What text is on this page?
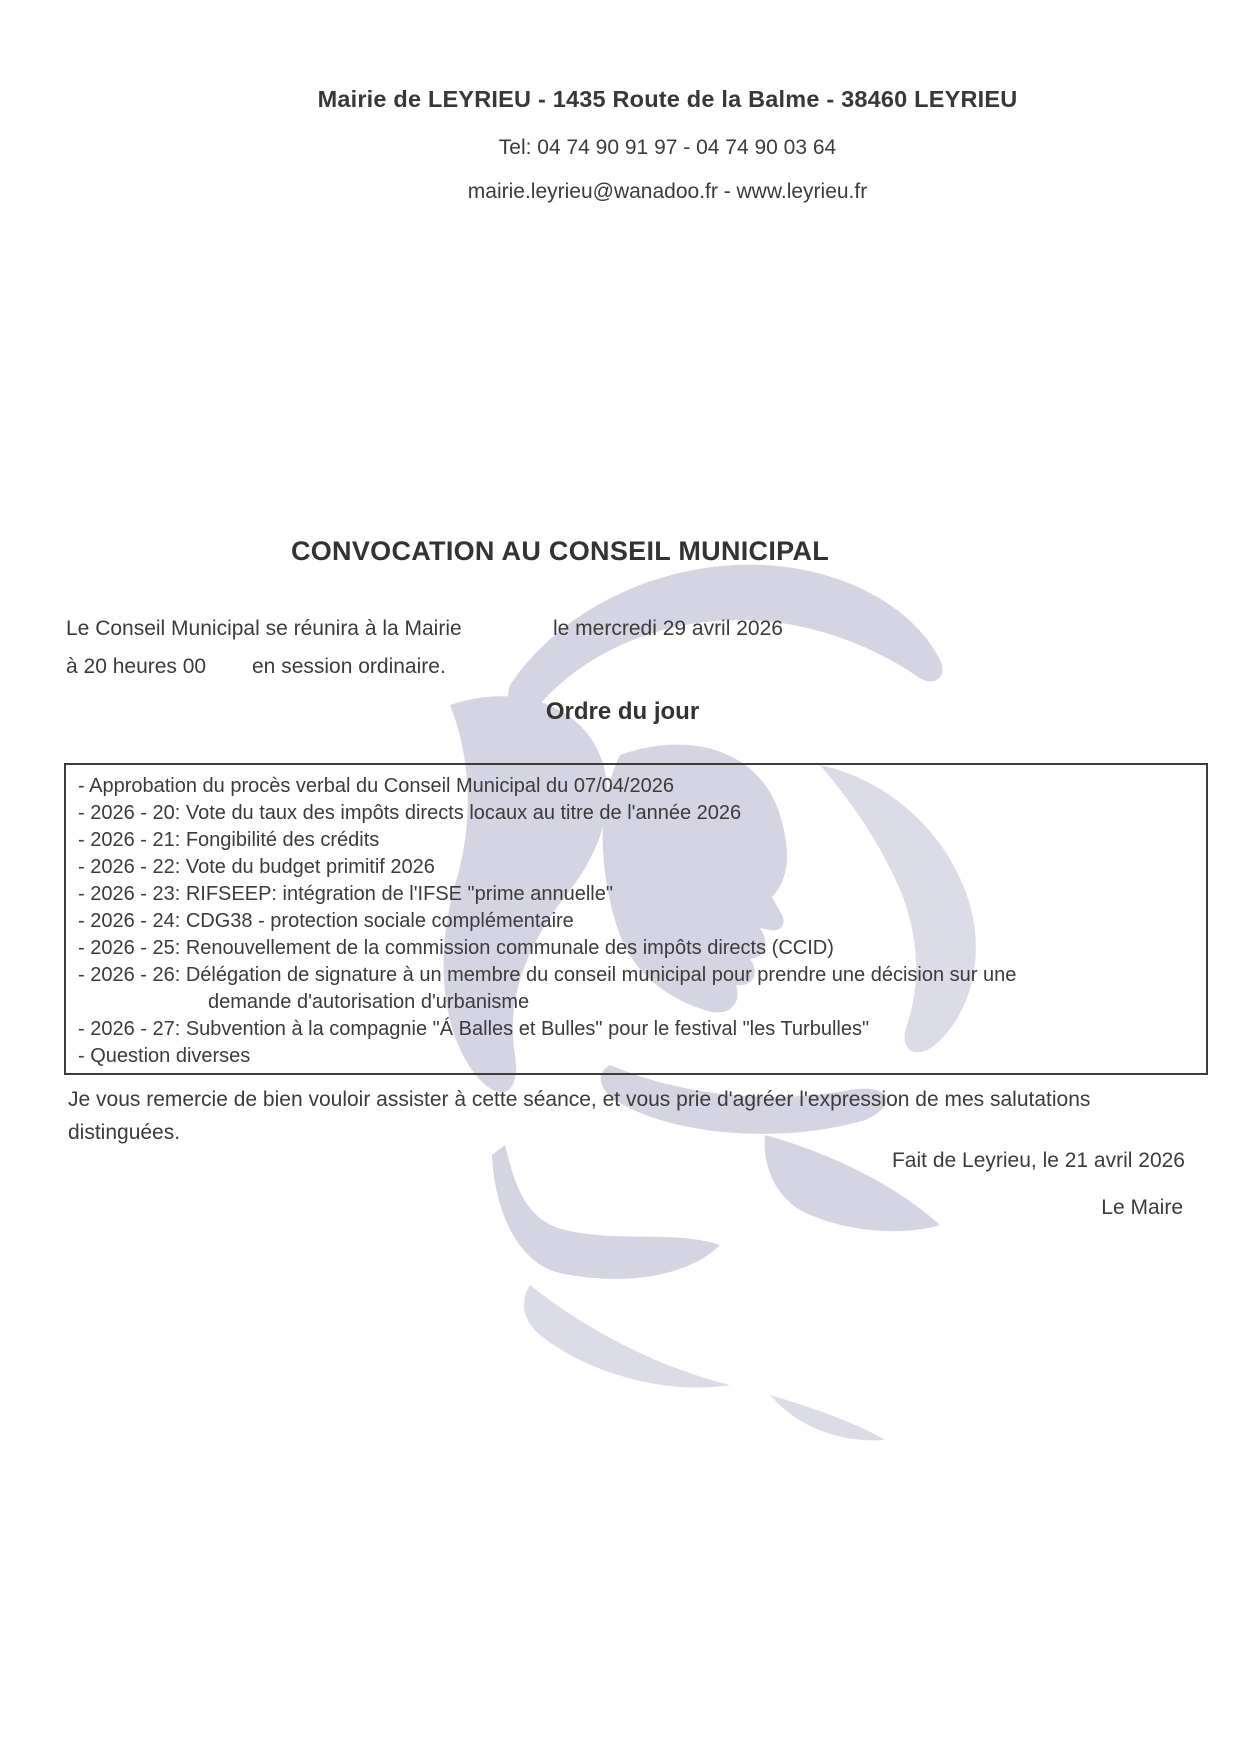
Mairie de LEYRIEU - 1435 Route de la Balme - 38460 LEYRIEU
Tel: 04 74 90 91 97 - 04 74 90 03 64
mairie.leyrieu@wanadoo.fr - www.leyrieu.fr
CONVOCATION AU CONSEIL MUNICIPAL
Le Conseil Municipal se réunira à la Mairie	le mercredi 29 avril 2026
à 20 heures 00 en session ordinaire.
Ordre du jour
- Approbation du procès verbal du Conseil Municipal du 07/04/2026
- 2026 - 20: Vote du taux des impôts directs locaux au titre de l'année 2026
- 2026 - 21: Fongibilité des crédits
- 2026 - 22: Vote du budget primitif 2026
- 2026 - 23: RIFSEEP: intégration de l'IFSE "prime annuelle"
- 2026 - 24: CDG38 - protection sociale complémentaire
- 2026 - 25: Renouvellement de la commission communale des impôts directs (CCID)
- 2026 - 26: Délégation de signature à un membre du conseil municipal pour prendre une décision sur une
demande d'autorisation d'urbanisme
- 2026 - 27: Subvention à la compagnie "Á Balles et Bulles" pour le festival "les Turbulles"
- Question diverses

Je vous remercie de bien vouloir assister à cette séance, et vous prie d'agréer l'expression de mes salutations

distinguées.

Fait de Leyrieu, le 21 avril 2026
Le Maire
